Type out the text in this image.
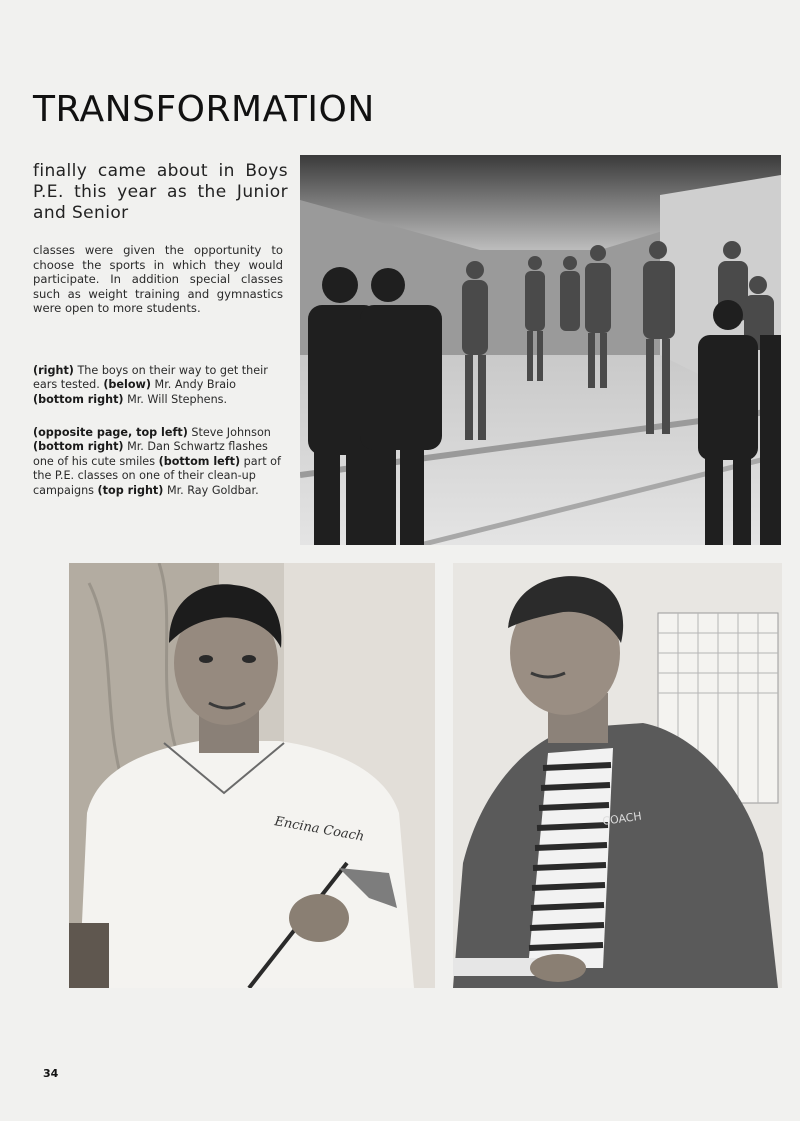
TRANSFORMATION
finally came about in Boys P.E. this year as the Junior and Senior
classes were given the opportunity to choose the sports in which they would participate. In addition special classes such as weight training and gymnastics were open to more students.
(right) The boys on their way to get their ears tested. (below) Mr. Andy Braio (bottom right) Mr. Will Stephens.
(opposite page, top left) Steve Johnson (bottom right) Mr. Dan Schwartz flashes one of his cute smiles (bottom left) part of the P.E. classes on one of their clean-up campaigns (top right) Mr. Ray Goldbar.
Encina Coach	COACH
34
